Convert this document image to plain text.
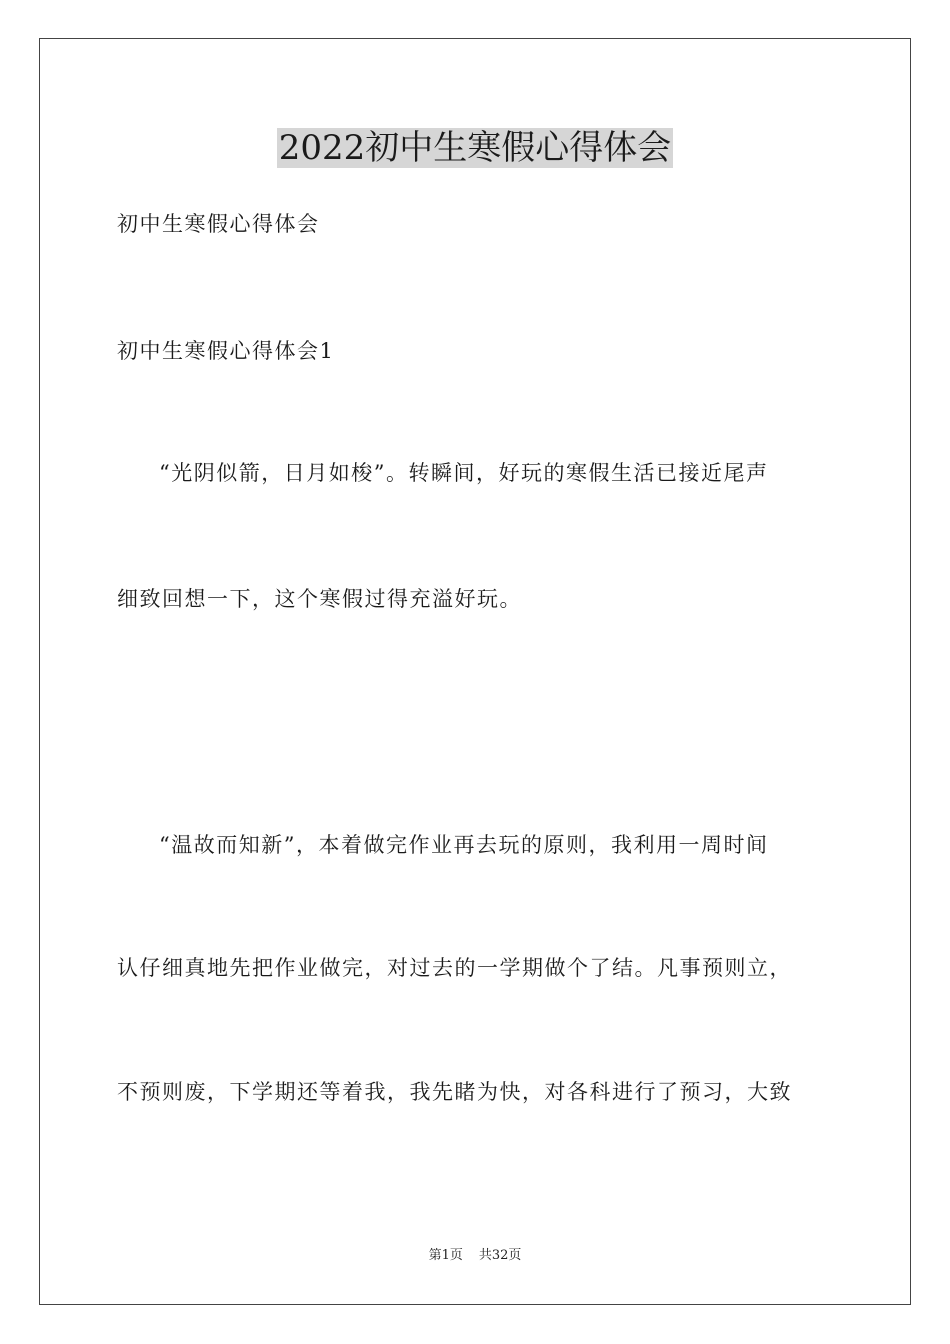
2022初中生寒假心得体会
初中生寒假心得体会
初中生寒假心得体会1
“光阴似箭，日月如梭”。转瞬间，好玩的寒假生活已接近尾声
细致回想一下，这个寒假过得充溢好玩。
“温故而知新”，本着做完作业再去玩的原则，我利用一周时间
认仔细真地先把作业做完，对过去的一学期做个了结。凡事预则立，
不预则废，下学期还等着我，我先睹为快，对各科进行了预习，大致
第1页 共32页
